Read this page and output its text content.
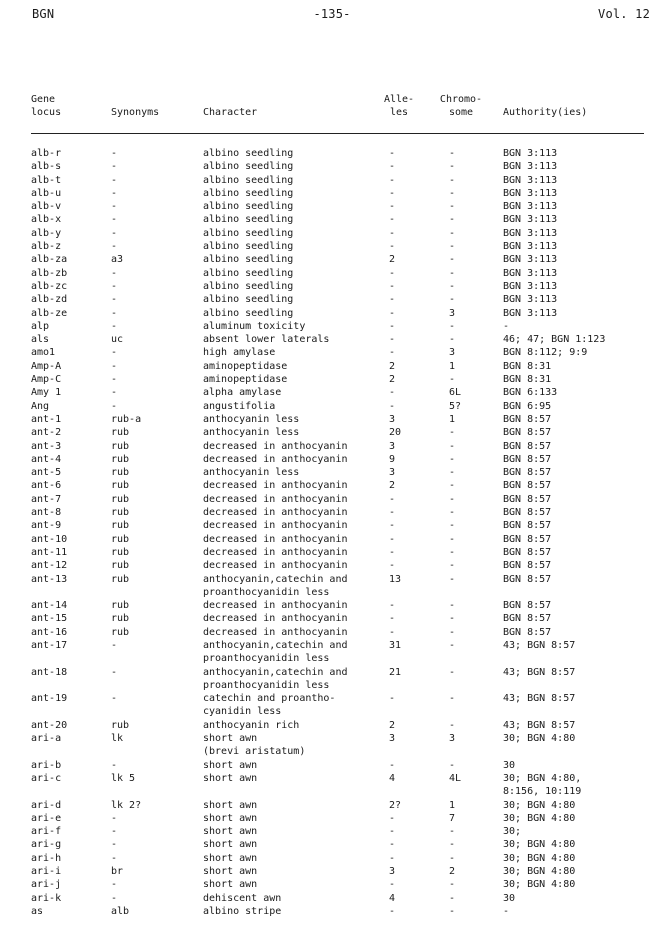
BGN	-135-	Vol. 12
Gene
locus	Synonyms	Character
Alle-
les
Chromo-
some	Authority(ies)
alb-r	-	albino seedling	-	-	BGN 3:113
alb-s	-	albino seedling	-	-	BGN 3:113
alb-t	-	albino seedling	-	-	BGN 3:113
alb-u	-	albino seedling	-	-	BGN 3:113
alb-v	-	albino seedling	-	-	BGN 3:113
alb-x	-	albino seedling	-	-	BGN 3:113
alb-y	-	albino seedling	-	-	BGN 3:113
alb-z	-	albino seedling	-	-	BGN 3:113
alb-za	a3	albino seedling	2	-	BGN 3:113
alb-zb	-	albino seedling	-	-	BGN 3:113
alb-zc	-	albino seedling	-	-	BGN 3:113
alb-zd	-	albino seedling	-	-	BGN 3:113
alb-ze	-	albino seedling	-	3	BGN 3:113
alp	-	aluminum toxicity	-	-	-
als	uc	absent lower laterals	-	-	46; 47; BGN 1:123
amo1	-	high amylase	-	3	BGN 8:112; 9:9
Amp-A	-	aminopeptidase	2	1	BGN 8:31
Amp-C	-	aminopeptidase	2	-	BGN 8:31
Amy 1	-	alpha amylase	-	6L	BGN 6:133
Ang	-	angustifolia	-	5?	BGN 6:95
ant-1	rub-a	anthocyanin less	3	1	BGN 8:57
ant-2	rub	anthocyanin less	20	-	BGN 8:57
ant-3	rub	decreased in anthocyanin	3	-	BGN 8:57
ant-4	rub	decreased in anthocyanin	9	-	BGN 8:57
ant-5	rub	anthocyanin less	3	-	BGN 8:57
ant-6	rub	decreased in anthocyanin	2	-	BGN 8:57
ant-7	rub	decreased in anthocyanin	-	-	BGN 8:57
ant-8	rub	decreased in anthocyanin	-	-	BGN 8:57
ant-9	rub	decreased in anthocyanin	-	-	BGN 8:57
ant-10	rub	decreased in anthocyanin	-	-	BGN 8:57
ant-11	rub	decreased in anthocyanin	-	-	BGN 8:57
ant-12	rub	decreased in anthocyanin	-	-	BGN 8:57
ant-13	rub	anthocyanin,catechin and
proanthocyanidin less
13	-	BGN 8:57
ant-14	rub	decreased in anthocyanin	-	-	BGN 8:57
ant-15	rub	decreased in anthocyanin	-	-	BGN 8:57
ant-16	rub	decreased in anthocyanin	-	-	BGN 8:57
ant-17	-	anthocyanin,catechin and
proanthocyanidin less
31	-	43; BGN 8:57
ant-18	-	anthocyanin,catechin and
proanthocyanidin less
21	-	43; BGN 8:57
ant-19	-	catechin and proantho-
cyanidin less
-	-	43; BGN 8:57
ant-20	rub	anthocyanin rich	2	-	43; BGN 8:57
ari-a	lk	short awn
(brevi aristatum)
3	3	30; BGN 4:80
ari-b	-	short awn	-	-	30
ari-c	lk 5	short awn	4	4L	30; BGN 4:80,
8:156, 10:119
ari-d	lk 2?	short awn	2?	1	30; BGN 4:80
ari-e	-	short awn	-	7	30; BGN 4:80
ari-f	-	short awn	-	-	30;
ari-g	-	short awn	-	-	30; BGN 4:80
ari-h	-	short awn	-	-	30; BGN 4:80
ari-i	br	short awn	3	2	30; BGN 4:80
ari-j	-	short awn	-	-	30; BGN 4:80
ari-k	-	dehiscent awn	4	-	30
as	alb	albino stripe	-	-	-
